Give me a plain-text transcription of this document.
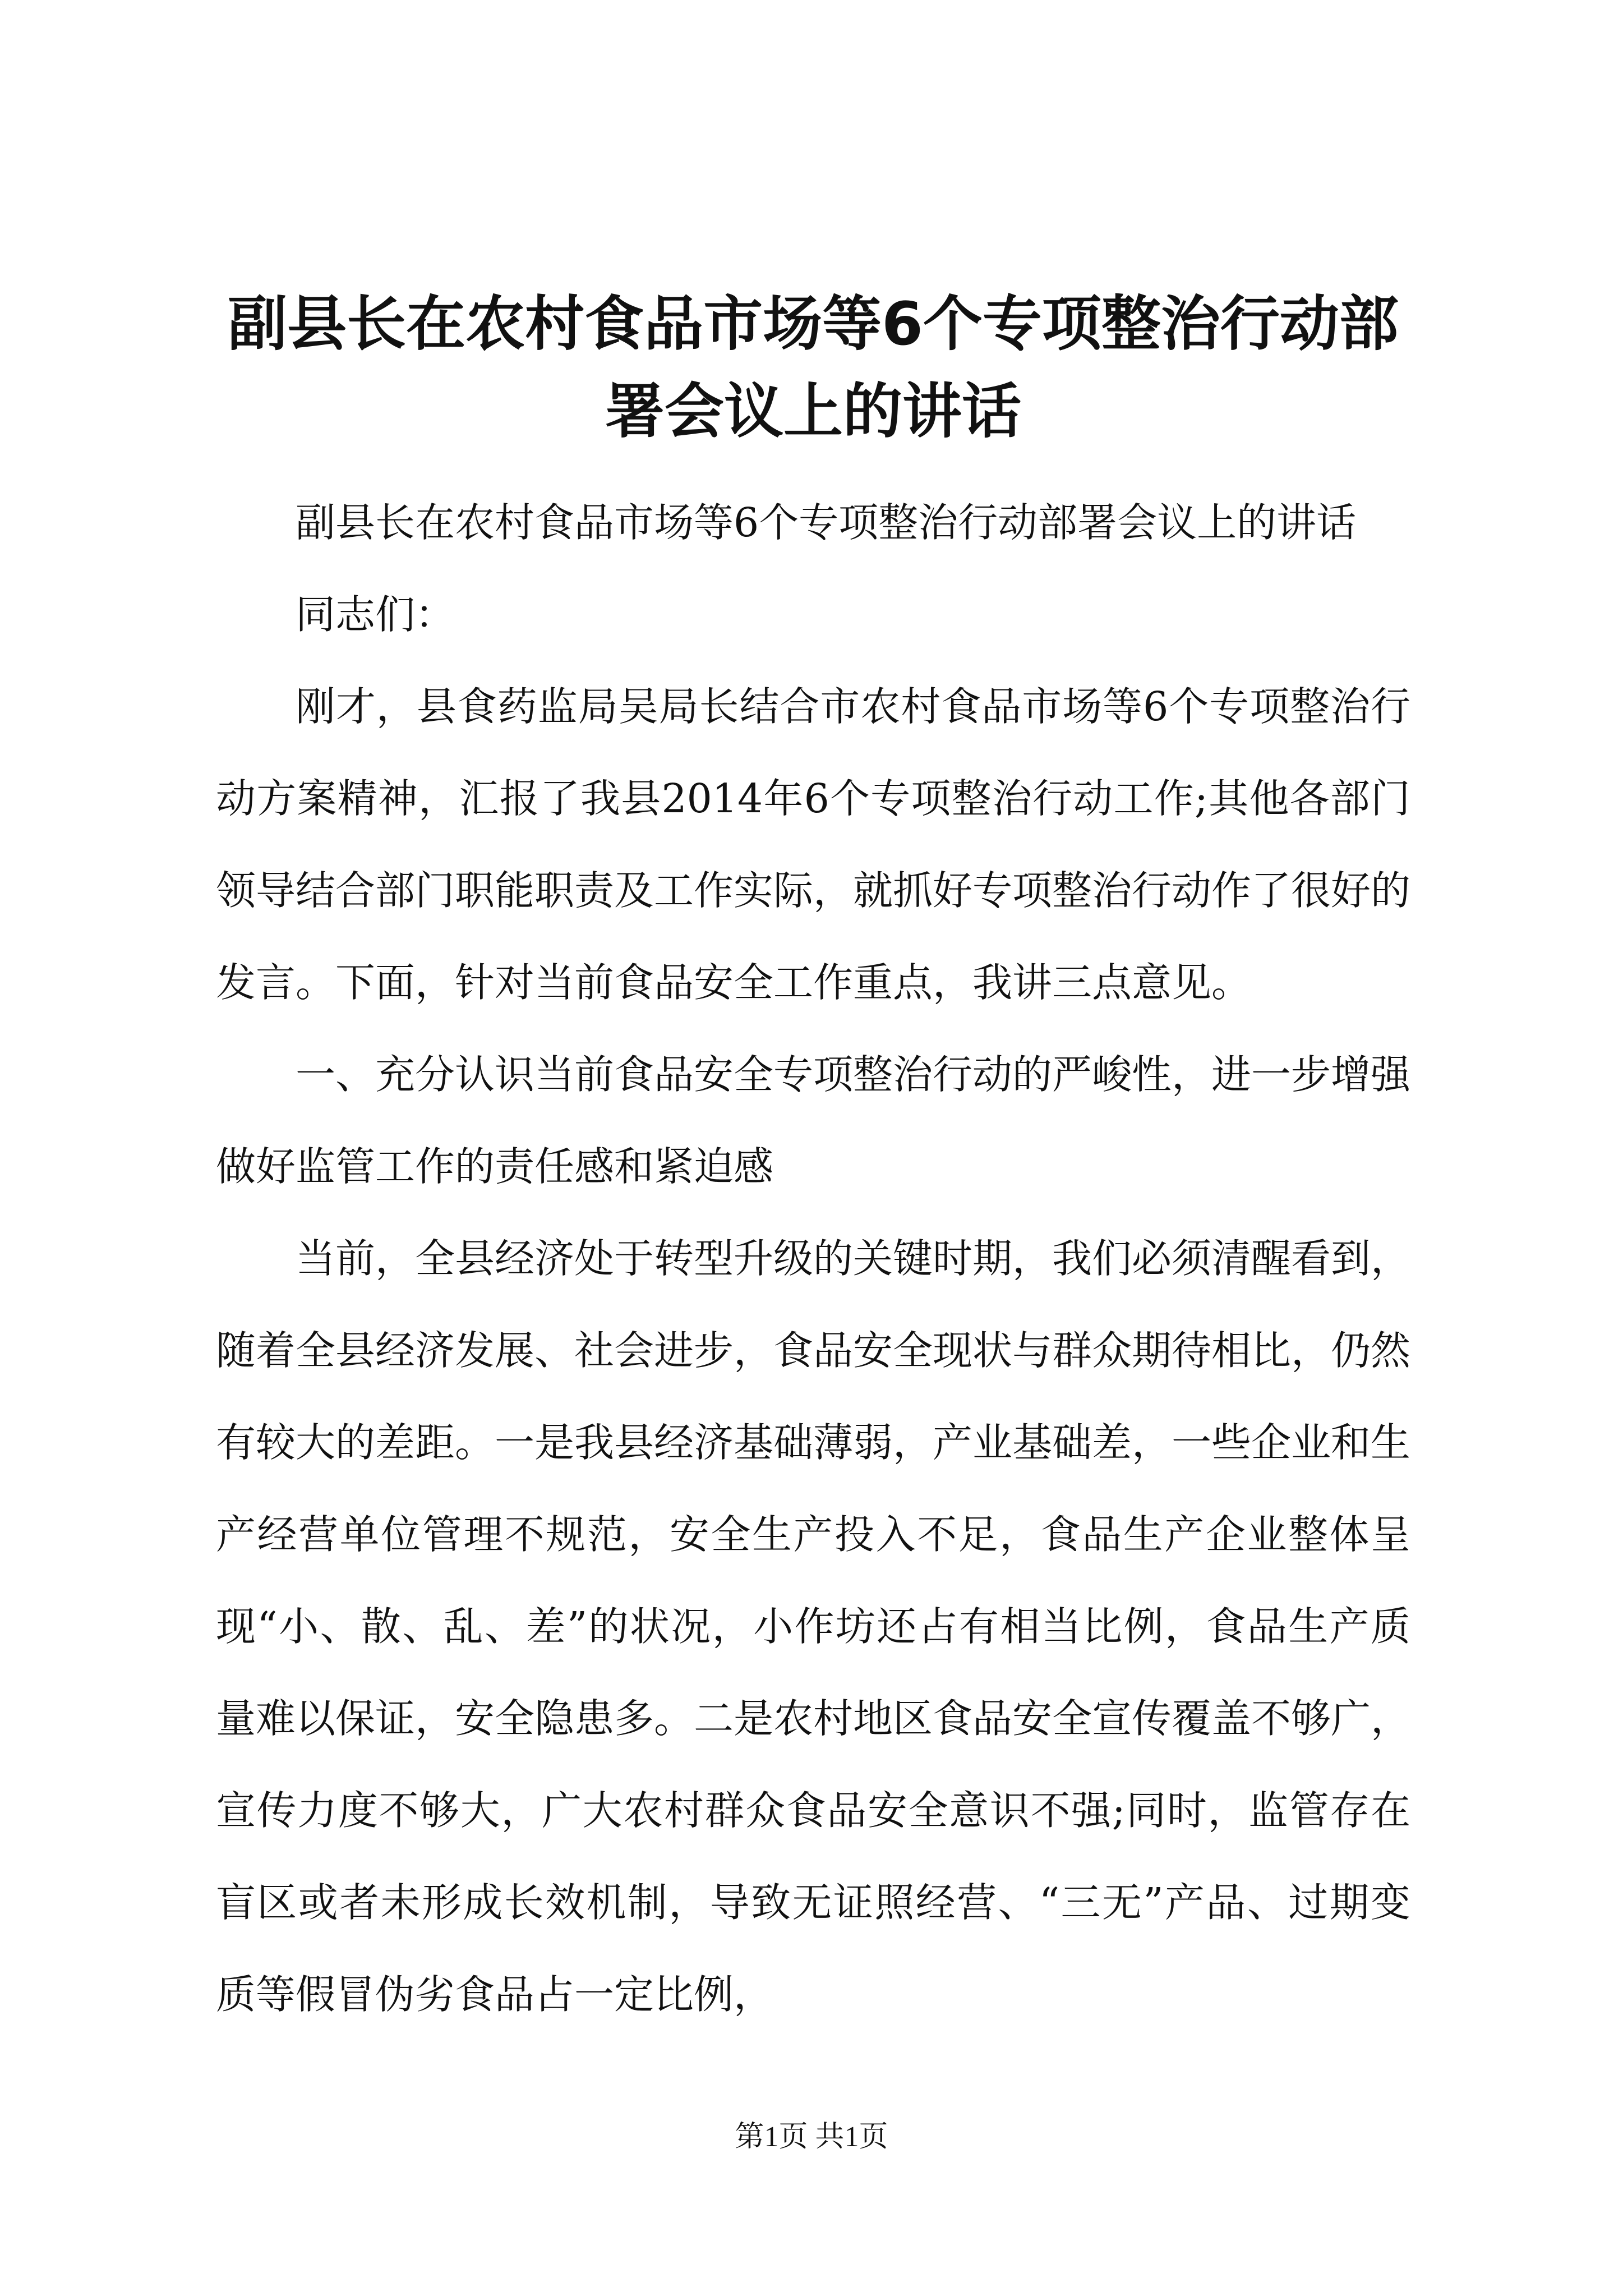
副县长在农村食品市场等6个专项整治行动部署会议上的讲话

副县长在农村食品市场等6个专项整治行动部署会议上的讲话

同志们：

刚才，县食药监局吴局长结合市农村食品市场等6个专项整治行动方案精神，汇报了我县2014年6个专项整治行动工作;其他各部门领导结合部门职能职责及工作实际，就抓好专项整治行动作了很好的发言。下面，针对当前食品安全工作重点，我讲三点意见。

一、充分认识当前食品安全专项整治行动的严峻性，进一步增强做好监管工作的责任感和紧迫感

当前，全县经济处于转型升级的关键时期，我们必须清醒看到，随着全县经济发展、社会进步，食品安全现状与群众期待相比，仍然有较大的差距。一是我县经济基础薄弱，产业基础差，一些企业和生产经营单位管理不规范，安全生产投入不足，食品生产企业整体呈现“小、散、乱、差”的状况，小作坊还占有相当比例，食品生产质量难以保证，安全隐患多。二是农村地区食品安全宣传覆盖不够广，宣传力度不够大，广大农村群众食品安全意识不强;同时，监管存在盲区或者未形成长效机制，导致无证照经营、“三无”产品、过期变质等假冒伪劣食品占一定比例，

第1页 共1页
